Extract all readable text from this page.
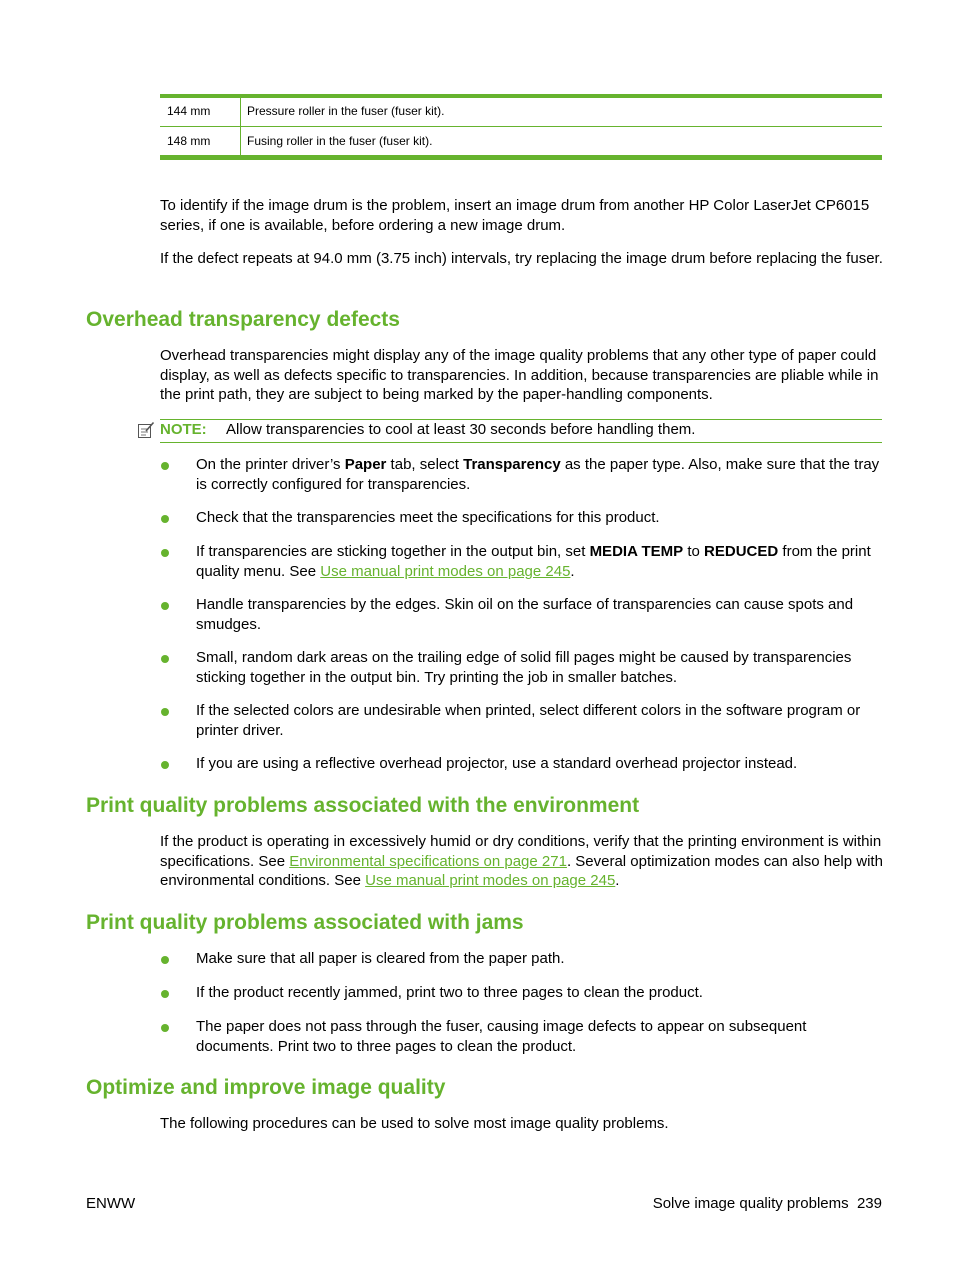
144 mm	Pressure roller in the fuser (fuser kit).
148 mm	Fusing roller in the fuser (fuser kit).

To identify if the image drum is the problem, insert an image drum from another HP Color LaserJet CP6015 series, if one is available, before ordering a new image drum.

If the defect repeats at 94.0 mm (3.75 inch) intervals, try replacing the image drum before replacing the fuser.

Overhead transparency defects

Overhead transparencies might display any of the image quality problems that any other type of paper could display, as well as defects specific to transparencies. In addition, because transparencies are pliable while in the print path, they are subject to being marked by the paper-handling components.

NOTE: Allow transparencies to cool at least 30 seconds before handling them.
On the printer driver’s Paper tab, select Transparency as the paper type. Also, make sure that the tray is correctly configured for transparencies.
Check that the transparencies meet the specifications for this product.
If transparencies are sticking together in the output bin, set MEDIA TEMP to REDUCED from the print quality menu. See Use manual print modes on page 245.
Handle transparencies by the edges. Skin oil on the surface of transparencies can cause spots and smudges.
Small, random dark areas on the trailing edge of solid fill pages might be caused by transparencies sticking together in the output bin. Try printing the job in smaller batches.
If the selected colors are undesirable when printed, select different colors in the software program or printer driver.
If you are using a reflective overhead projector, use a standard overhead projector instead.
Print quality problems associated with the environment

If the product is operating in excessively humid or dry conditions, verify that the printing environment is within specifications. See Environmental specifications on page 271. Several optimization modes can also help with environmental conditions. See Use manual print modes on page 245.

Print quality problems associated with jams
Make sure that all paper is cleared from the paper path.
If the product recently jammed, print two to three pages to clean the product.
The paper does not pass through the fuser, causing image defects to appear on subsequent documents. Print two to three pages to clean the product.
Optimize and improve image quality

The following procedures can be used to solve most image quality problems.

ENWW	Solve image quality problems 239
